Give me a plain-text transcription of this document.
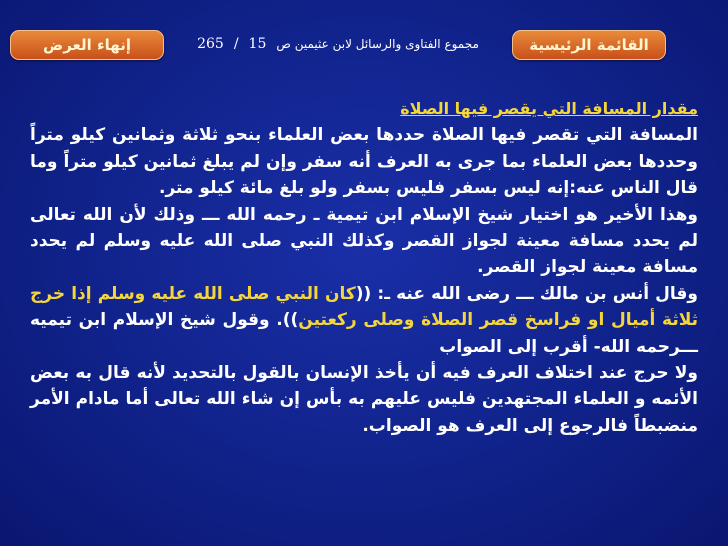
القائمة الرئيسية
مجموع الفتاوى والرسائل لابن عثيمين ص
15
/
265
إنهاء العرض

مقدار المسافة التي يقصر فيها الصلاة

المسافة التي تقصر فيها الصلاة حددها بعض العلماء بنحو ثلاثة وثمانين كيلو متراً وحددها بعض العلماء بما جرى به العرف أنه سفر وإن لم يبلغ ثمانين كيلو متراً وما قال الناس عنه:إنه ليس بسفر فليس بسفر ولو بلغ مائة كيلو متر.

وهذا الأخير هو اختيار شيخ الإسلام ابن تيمية ـ رحمه الله ـــ وذلك لأن الله تعالى لم يحدد مسافة معينة لجواز القصر وكذلك النبي صلى الله عليه وسلم لم يحدد مسافة معينة لجواز القصر.

وقال أنس بن مالك ـــ رضى الله عنه ـ: ((كان النبي صلى الله عليه وسلم إذا خرج ثلاثة أميال او فراسخ قصر الصلاة وصلى ركعتين)). وقول شيخ الإسلام ابن تيميه ـــرحمه الله- أقرب إلى الصواب

ولا حرج عند اختلاف العرف فيه أن يأخذ الإنسان بالقول بالتحديد لأنه قال به بعض الأئمه و العلماء المجتهدين فليس عليهم به بأس إن شاء الله تعالى أما مادام الأمر منضبطاً فالرجوع إلى العرف هو الصواب.
